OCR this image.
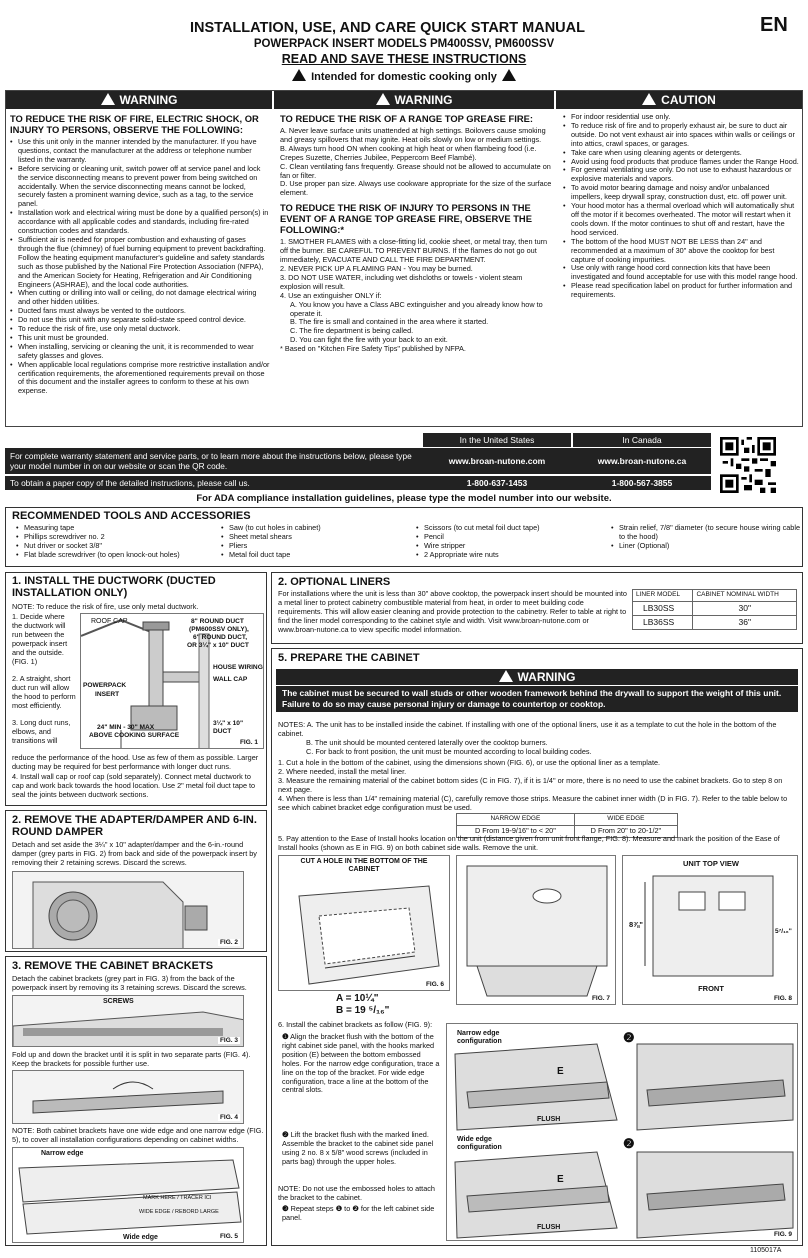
INSTALLATION, USE, AND CARE QUICK START MANUAL	EN
POWERPACK INSERT MODELS PM400SSV, PM600SSV
READ AND SAVE THESE INSTRUCTIONS
Intended for domestic cooking only
WARNING	WARNING	CAUTION
TO REDUCE THE RISK OF FIRE, ELECTRIC SHOCK, OR INJURY TO PERSONS, OBSERVE THE FOLLOWING:
• Use this unit only in the manner intended by the manufacturer. If you have questions, contact the manufacturer at the address or telephone number listed in the warranty.
• Before servicing or cleaning unit, switch power off at service panel and lock the service disconnecting means to prevent power from being switched on accidentally. When the service disconnecting means cannot be locked, securely fasten a prominent warning device, such as a tag, to the service panel.
• Installation work and electrical wiring must be done by a qualified person(s) in accordance with all applicable codes and standards, including fire-rated construction codes and standards.
• Sufficient air is needed for proper combustion and exhausting of gases through the flue (chimney) of fuel burning equipment to prevent backdrafting. Follow the heating equipment manufacturer's guideline and safety standards such as those published by the National Fire Protection Association (NFPA), and the American Society for Heating, Refrigeration and Air Conditioning Engineers (ASHRAE), and the local code authorities.
• When cutting or drilling into wall or ceiling, do not damage electrical wiring and other hidden utilities.
• Ducted fans must always be vented to the outdoors.
• Do not use this unit with any separate solid-state speed control device.
• To reduce the risk of fire, use only metal ductwork.
• This unit must be grounded.
• When installing, servicing or cleaning the unit, it is recommended to wear safety glasses and gloves.
• When applicable local regulations comprise more restrictive installation and/or certification requirements, the aforementioned requirements prevail on those of this document and the installer agrees to conform to these at his own expense.
TO REDUCE THE RISK OF A RANGE TOP GREASE FIRE:
A. Never leave surface units unattended at high settings. Boilovers cause smoking and greasy spillovers that may ignite. Heat oils slowly on low or medium settings.
B. Always turn hood ON when cooking at high heat or when flambeing food (i.e. Crepes Suzette, Cherries Jubilee, Peppercorn Beef Flambé).
C. Clean ventilating fans frequently. Grease should not be allowed to accumulate on fan or filter.
D. Use proper pan size. Always use cookware appropriate for the size of the surface element.
TO REDUCE THE RISK OF INJURY TO PERSONS IN THE EVENT OF A RANGE TOP GREASE FIRE, OBSERVE THE FOLLOWING:*
1. SMOTHER FLAMES with a close-fitting lid, cookie sheet, or metal tray, then turn off the burner. BE CAREFUL TO PREVENT BURNS. If the flames do not go out immediately, EVACUATE AND CALL THE FIRE DEPARTMENT.
2. NEVER PICK UP A FLAMING PAN - You may be burned.
3. DO NOT USE WATER, including wet dishcloths or towels - violent steam explosion will result.
4. Use an extinguisher ONLY if:
A. You know you have a Class ABC extinguisher and you already know how to operate it.
B. The fire is small and contained in the area where it started.
C. The fire department is being called.
D. You can fight the fire with your back to an exit.
* Based on "Kitchen Fire Safety Tips" published by NFPA.
• For indoor residential use only.
• To reduce risk of fire and to properly exhaust air, be sure to duct air outside. Do not vent exhaust air into spaces within walls or ceilings or into attics, crawl spaces, or garages.
• Take care when using cleaning agents or detergents.
• Avoid using food products that produce flames under the Range Hood.
• For general ventilating use only. Do not use to exhaust hazardous or explosive materials and vapors.
• To avoid motor bearing damage and noisy and/or unbalanced impellers, keep drywall spray, construction dust, etc. off power unit.
• Your hood motor has a thermal overload which will automatically shut off the motor if it becomes overheated. The motor will restart when it cools down. If the motor continues to shut off and restart, have the hood serviced.
• The bottom of the hood MUST NOT BE LESS than 24" and recommended at a maximum of 30" above the cooktop for best capture of cooking impurities.
• Use only with range hood cord connection kits that have been investigated and found acceptable for use with this model range hood.
• Please read specification label on product for further information and requirements.
In the United States	In Canada
For complete warranty statement and service parts, or to learn more about the instructions below, please type your model number in on our website or scan the QR code.	www.broan-nutone.com	www.broan-nutone.ca
To obtain a paper copy of the detailed instructions, please call us.	1-800-637-1453	1-800-567-3855
For ADA compliance installation guidelines, please type the model number into our website.
RECOMMENDED TOOLS AND ACCESSORIES
• Measuring tape
• Phillips screwdriver no. 2
• Nut driver or socket 3/8"
• Flat blade screwdriver (to open knock-out holes)
• Saw (to cut holes in cabinet)
• Sheet metal shears
• Pliers
• Metal foil duct tape
• Scissors (to cut metal foil duct tape)
• Pencil
• Wire stripper
• 2 Appropriate wire nuts
• Strain relief, 7/8" diameter (to secure house wiring cable to the hood)
• Liner (Optional)
1. INSTALL THE DUCTWORK (DUCTED INSTALLATION ONLY)
NOTE: To reduce the risk of fire, use only metal ductwork.
1. Decide where the ductwork will run between the powerpack insert and the outside. (FIG. 1)
2. A straight, short duct run will allow the hood to perform most efficiently.
3. Long duct runs, elbows, and transitions will
reduce the performance of the hood. Use as few of them as possible. Larger ducting may be required for best performance with longer duct runs.
4. Install wall cap or roof cap (sold separately). Connect metal ductwork to cap and work back towards the hood location. Use 2" metal foil duct tape to seal the joints between ductwork sections.
ROOF CAP	8" ROUND DUCT
(PM600SSV ONLY),
6" ROUND DUCT,
OR 3¼" x 10" DUCT
HOUSE WIRING
WALL CAP
POWERPACK
INSERT
3¼" x 10" DUCT
24" MIN - 30" MAX
ABOVE COOKING SURFACE
FIG. 1
2. REMOVE THE ADAPTER/DAMPER AND 6-IN. ROUND DAMPER
Detach and set aside the 3¼" x 10" adapter/damper and the 6-in.-round damper (grey parts in FIG. 2) from back and side of the powerpack insert by removing their 2 retaining screws. Discard the screws.
FIG. 2
3. REMOVE THE CABINET BRACKETS
Detach the cabinet brackets (grey part in FIG. 3) from the back of the powerpack insert by removing its 3 retaining screws. Discard the screws.
SCREWS
FIG. 3
Fold up and down the bracket until it is split in two separate parts (FIG. 4). Keep the brackets for possible further use.
FIG. 4
NOTE: Both cabinet brackets have one wide edge and one narrow edge (FIG. 5), to cover all installation configurations depending on cabinet widths.
Narrow edge
MARK HERE / TRACER ICI
WIDE EDGE / REBORD LARGE
Wide edge	FIG. 5
2. OPTIONAL LINERS
For installations where the unit is less than 30" above cooktop, the powerpack insert should be mounted into a metal liner to protect cabinetry combustible material from heat, in order to meet building code requirements. This will allow easier cleaning and provide protection to the cabinetry. Refer to table at right to find the liner model corresponding to the cabinet style and width. Visit www.broan-nutone.com or www.broan-nutone.ca to view specific model information.
LINER MODEL	CABINET NOMINAL WIDTH
LB30SS	30"
LB36SS	36"
5. PREPARE THE CABINET
WARNING
The cabinet must be secured to wall studs or other wooden framework behind the drywall to support the weight of this unit. Failure to do so may cause personal injury or damage to countertop or cooktop.
NOTES: A. The unit has to be installed inside the cabinet. If installing with one of the optional liners, use it as a template to cut the hole in the bottom of the cabinet.
B. The unit should be mounted centered laterally over the cooktop burners.
C. For back to front position, the unit must be mounted according to local building codes.
1. Cut a hole in the bottom of the cabinet, using the dimensions shown (FIG. 6), or use the optional liner as a template.
2. Where needed, install the metal liner.
3. Measure the remaining material of the cabinet bottom sides (C in FIG. 7), if it is 1/4" or more, there is no need to use the cabinet brackets. Go to step 8 on next page.
4. When there is less than 1/4" remaining material (C), carefully remove those strips. Measure the cabinet inner width (D in FIG. 7). Refer to the table below to see which cabinet bracket edge configuration must be used.
NARROW EDGE	WIDE EDGE
D From 19-9/16" to < 20"	D From 20" to 20-1/2"
5. Pay attention to the Ease of Install hooks location on the unit (distance given from unit front flange, FIG. 8). Measure and mark the position of the Ease of Install hooks (shown as E in FIG. 9) on both cabinet side walls. Remove the unit.
CUT A HOLE IN THE BOTTOM OF THE CABINET
FIG. 6
A = 10¼"
B = 19 ⁵/₁₆"
FIG. 7
UNIT TOP VIEW
8⅞"
5⁷/₁₆"
FRONT
FIG. 8
6. Install the cabinet brackets as follow (FIG. 9):
❶ Align the bracket flush with the bottom of the right cabinet side panel, with the hooks marked position (E) between the bottom embossed holes. For the narrow edge configuration, trace a line on the top of the bracket. For wide edge configuration, trace a line at the bottom of the central slots.
❷ Lift the bracket flush with the marked lined. Assemble the bracket to the cabinet side panel using 2 no. 8 x 5/8" wood screws (included in parts bag) through the upper holes.
NOTE: Do not use the embossed holes to attach the bracket to the cabinet.
❸ Repeat steps ❶ to ❷ for the left cabinet side panel.
Narrow edge configuration
Wide edge configuration
FLUSH
FLUSH
E
E
❷
❷
FIG. 9
1105017A
